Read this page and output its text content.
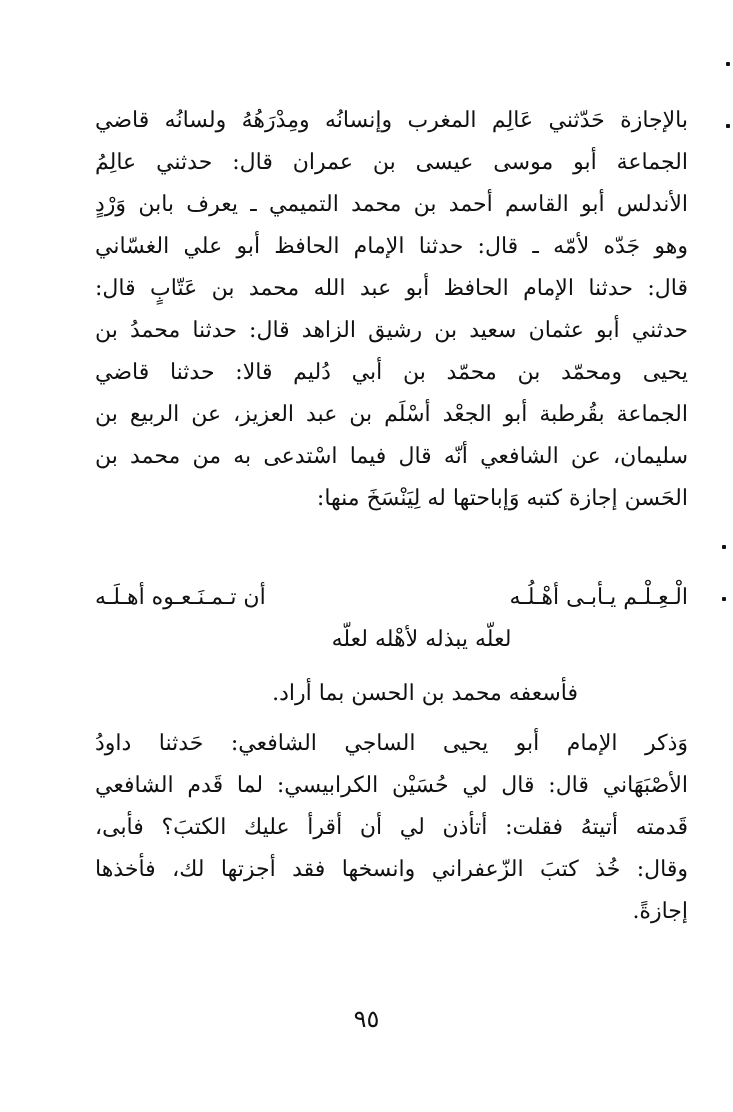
بالإجازة حَدّثني عَالِم المغرب وإنسانُه ومِدْرَهُهُ ولسانُه قاضي
الجماعة أبو موسى عيسى بن عمران قال: حدثني عالِمُ
الأندلس أبو القاسم أحمد بن محمد التميمي ـ يعرف بابن وَرْدٍ
وهو جَدّه لأمّه ـ قال: حدثنا الإمام الحافظ أبو علي الغسّاني
قال: حدثنا الإمام الحافظ أبو عبد الله محمد بن عَتّابٍ قال:
حدثني أبو عثمان سعيد بن رشيق الزاهد قال: حدثنا محمدُ بن
يحيى ومحمّد بن محمّد بن أبي دُليم قالا: حدثنا قاضي
الجماعة بقُرطبة أبو الجعْد أسْلَم بن عبد العزيز، عن الربيع بن
سليمان، عن الشافعي أنّه قال فيما اسْتدعى به من محمد بن
الحَسن إجازة كتبه وَإباحتها له لِيَنْسَخَ منها:
الْـعِـلْـم يـأبـى أهْـلُـه
أن تـمـنَـعـوه أهـلَـه
لعلّه يبذله لأهْله لعلّه
فأسعفه محمد بن الحسن بما أراد.
وَذكر الإمام أبو يحيى الساجي الشافعي: حَدثنا داودُ
الأصْبَهَاني قال: قال لي حُسَيْن الكرابيسي: لما قَدم الشافعي
قَدمته أتيتهُ فقلت: أتأذن لي أن أقرأ عليك الكتبَ؟ فأبى،
وقال: خُذ كتبَ الزّعفراني وانسخها فقد أجزتها لك، فأخذها
إجازةً.
٩٥
